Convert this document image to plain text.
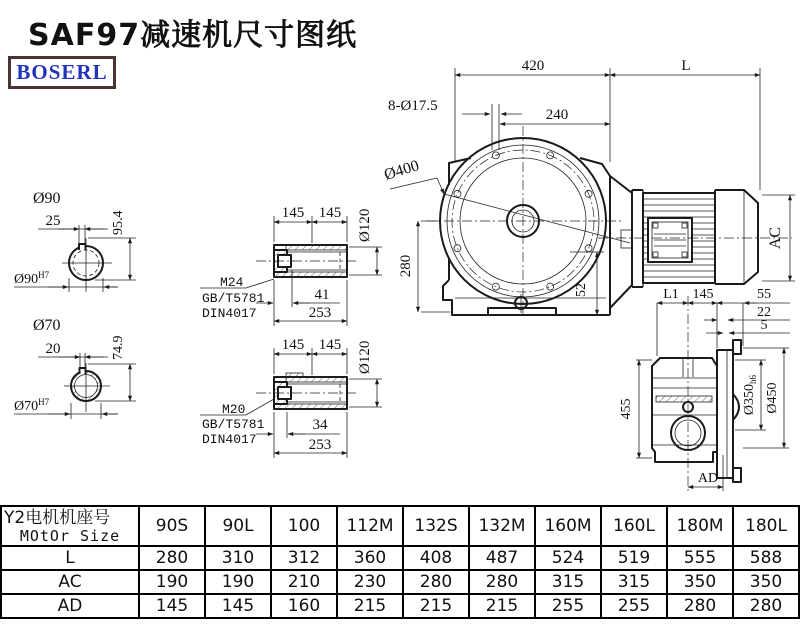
SAF97减速机尺寸图纸
BOSERL
Ø90
25	95.4
$Ø90^{H7}$
Ø70
20	74.9
$Ø70^{H7}$
145 145 Ø120
M24
GB/T5781
DIN4017
41
253
145 145 Ø120
M20
GB/T5781
DIN4017
34
253
420	L
8-Ø17.5
240
Ø400
52
280
AC
L1 145	55
22
5
455	$Ø350_{h6}$
Ø450
AD
Y2电机机座号
MOtOr Size	90S	90L	100	112M	132S	132M	160M	160L	180M	180L
L	280	310	312	360	408	487	524	519	555	588
AC	190	190	210	230	280	280	315	315	350	350
AD	145	145	160	215	215	215	255	255	280	280
